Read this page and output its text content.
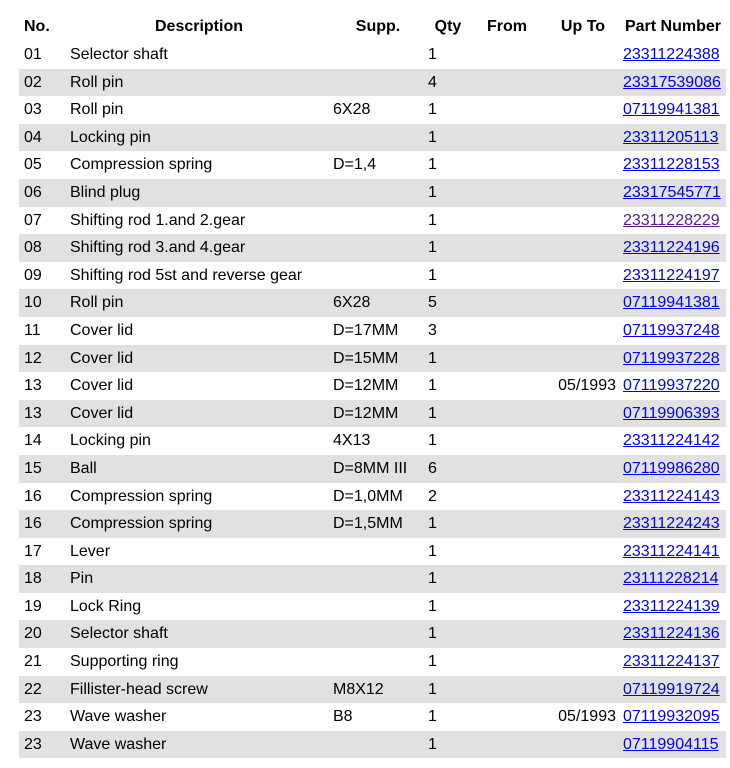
No.	Description	Supp.	Qty	From	Up To	Part Number
01	Selector shaft		1			23311224388
02	Roll pin		4			23317539086
03	Roll pin	6X28	1			07119941381
04	Locking pin		1			23311205113
05	Compression spring	D=1,4	1			23311228153
06	Blind plug		1			23317545771
07	Shifting rod 1.and 2.gear		1			23311228229
08	Shifting rod 3.and 4.gear		1			23311224196
09	Shifting rod 5st and reverse gear		1			23311224197
10	Roll pin	6X28	5			07119941381
11	Cover lid	D=17MM	3			07119937248
12	Cover lid	D=15MM	1			07119937228
13	Cover lid	D=12MM	1		05/1993	07119937220
13	Cover lid	D=12MM	1			07119906393
14	Locking pin	4X13	1			23311224142
15	Ball	D=8MM III	6			07119986280
16	Compression spring	D=1,0MM	2			23311224143
16	Compression spring	D=1,5MM	1			23311224243
17	Lever		1			23311224141
18	Pin		1			23111228214
19	Lock Ring		1			23311224139
20	Selector shaft		1			23311224136
21	Supporting ring		1			23311224137
22	Fillister-head screw	M8X12	1			07119919724
23	Wave washer	B8	1		05/1993	07119932095
23	Wave washer		1			07119904115
